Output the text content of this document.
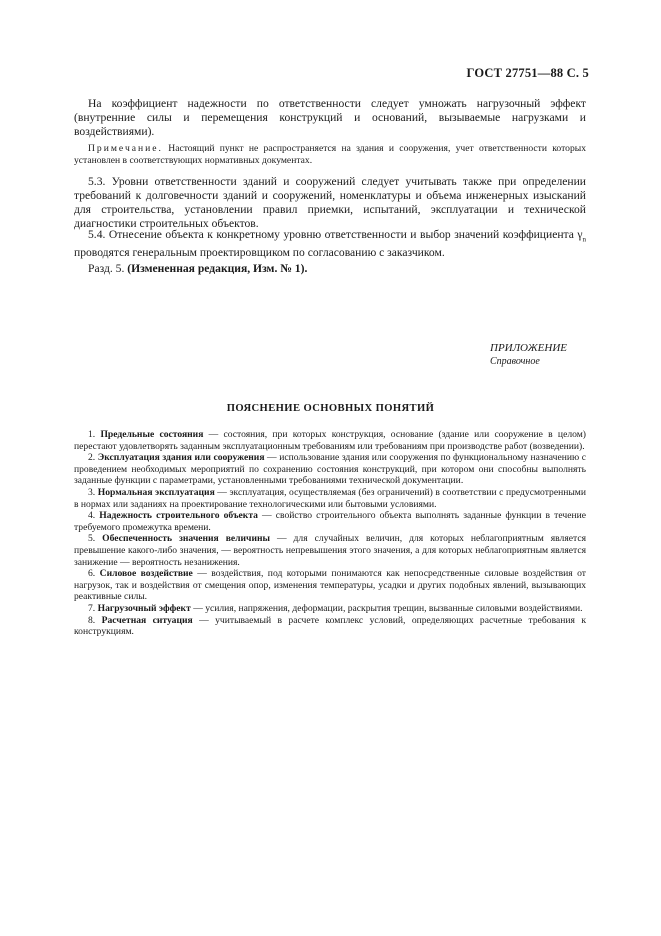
ГОСТ 27751—88 С. 5

На коэффициент надежности по ответственности следует умножать нагрузочный эффект (внутренние силы и перемещения конструкций и оснований, вызываемые нагрузками и воздействиями).

Примечание. Настоящий пункт не распространяется на здания и сооружения, учет ответственности которых установлен в соответствующих нормативных документах.

5.3. Уровни ответственности зданий и сооружений следует учитывать также при определении требований к долговечности зданий и сооружений, номенклатуры и объема инженерных изысканий для строительства, установлении правил приемки, испытаний, эксплуатации и технической диагностики строительных объектов.

5.4. Отнесение объекта к конкретному уровню ответственности и выбор значений коэффициента $\gamma_n$ проводятся генеральным проектировщиком по согласованию с заказчиком.

Разд. 5. (Измененная редакция, Изм. № 1).

ПРИЛОЖЕНИЕ
Справочное
ПОЯСНЕНИЕ ОСНОВНЫХ ПОНЯТИЙ

1. Предельные состояния — состояния, при которых конструкция, основание (здание или сооружение в целом) перестают удовлетворять заданным эксплуатационным требованиям или требованиям при производстве работ (возведении).

2. Эксплуатация здания или сооружения — использование здания или сооружения по функциональному назначению с проведением необходимых мероприятий по сохранению состояния конструкций, при котором они способны выполнять заданные функции с параметрами, установленными требованиями технической документации.

3. Нормальная эксплуатация — эксплуатация, осуществляемая (без ограничений) в соответствии с предусмотренными в нормах или заданиях на проектирование технологическими или бытовыми условиями.

4. Надежность строительного объекта — свойство строительного объекта выполнять заданные функции в течение требуемого промежутка времени.

5. Обеспеченность значения величины — для случайных величин, для которых неблагоприятным является превышение какого-либо значения, — вероятность непревышения этого значения, а для которых неблагоприятным является занижение — вероятность незанижения.

6. Силовое воздействие — воздействия, под которыми понимаются как непосредственные силовые воздействия от нагрузок, так и воздействия от смещения опор, изменения температуры, усадки и других подобных явлений, вызывающих реактивные силы.

7. Нагрузочный эффект — усилия, напряжения, деформации, раскрытия трещин, вызванные силовыми воздействиями.

8. Расчетная ситуация — учитываемый в расчете комплекс условий, определяющих расчетные требования к конструкциям.
